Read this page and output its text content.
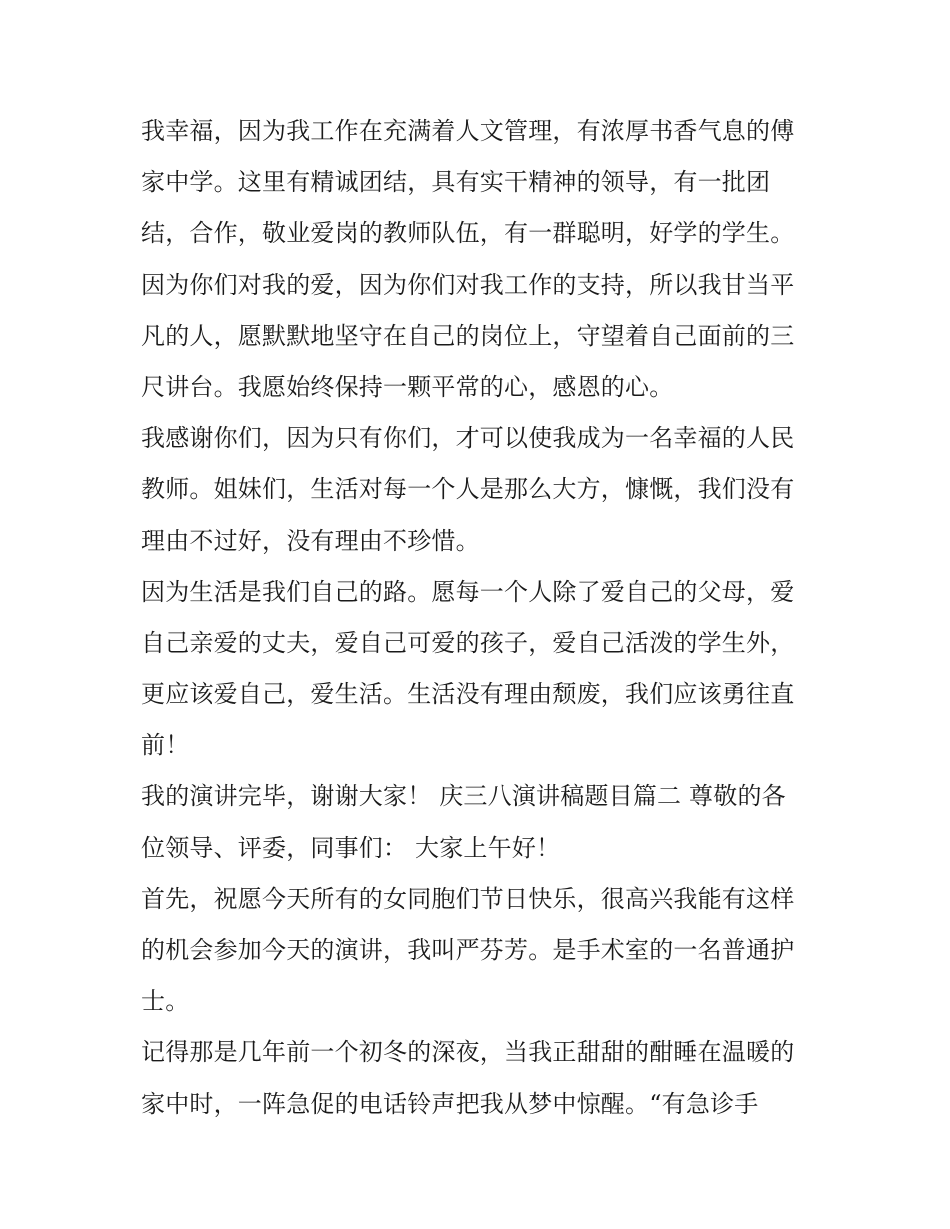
我幸福，因为我工作在充满着人文管理，有浓厚书香气息的傅
家中学。这里有精诚团结，具有实干精神的领导，有一批团
结，合作，敬业爱岗的教师队伍，有一群聪明，好学的学生。
因为你们对我的爱，因为你们对我工作的支持，所以我甘当平
凡的人，愿默默地坚守在自己的岗位上，守望着自己面前的三
尺讲台。我愿始终保持一颗平常的心，感恩的心。
我感谢你们，因为只有你们，才可以使我成为一名幸福的人民
教师。姐妹们，生活对每一个人是那么大方，慷慨，我们没有
理由不过好，没有理由不珍惜。
因为生活是我们自己的路。愿每一个人除了爱自己的父母，爱
自己亲爱的丈夫，爱自己可爱的孩子，爱自己活泼的学生外，
更应该爱自己，爱生活。生活没有理由颓废，我们应该勇往直
前！
我的演讲完毕，谢谢大家！ 庆三八演讲稿题目篇二 尊敬的各
位领导、评委，同事们： 大家上午好！
首先，祝愿今天所有的女同胞们节日快乐，很高兴我能有这样
的机会参加今天的演讲，我叫严芬芳。是手术室的一名普通护
士。
记得那是几年前一个初冬的深夜，当我正甜甜的酣睡在温暖的
家中时，一阵急促的电话铃声把我从梦中惊醒。“有急诊手
